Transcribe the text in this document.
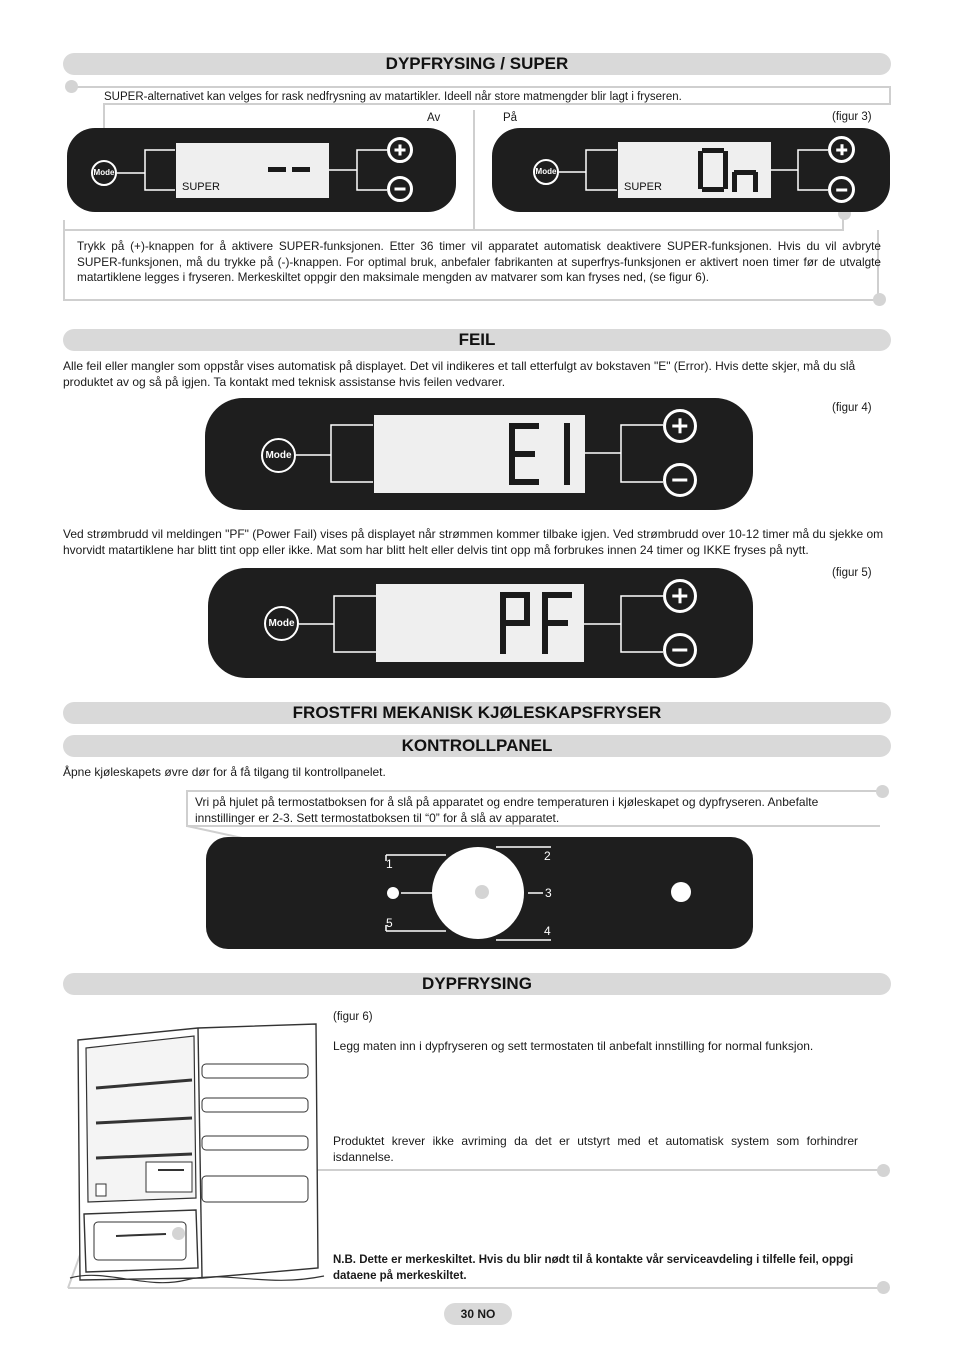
DYPFRYSING / SUPER
SUPER-alternativet kan velges for rask nedfrysning av matartikler. Ideell når store matmengder blir lagt i fryseren.
Av	På	(figur 3)
Mode
SUPER
Mode
SUPER
Trykk på (+)-knappen for å aktivere SUPER-funksjonen. Etter 36 timer vil apparatet automatisk deaktivere SUPER-funksjonen. Hvis du vil avbryte SUPER-funksjonen, må du trykke på (-)-knappen. For optimal bruk, anbefaler fabrikanten at superfrys-funksjonen er aktivert noen timer før de utvalgte matartiklene legges i fryseren. Merkeskiltet oppgir den maksimale mengden av matvarer som kan fryses ned, (se figur 6).
FEIL
Alle feil eller mangler som oppstår vises automatisk på displayet. Det vil indikeres et tall etterfulgt av bokstaven "E" (Error). Hvis dette skjer, må du slå produktet av og så på igjen. Ta kontakt med teknisk assistanse hvis feilen vedvarer.
(figur 4)
Mode
Ved strømbrudd vil meldingen "PF" (Power Fail) vises på displayet når strømmen kommer tilbake igjen. Ved strømbrudd over 10-12 timer må du sjekke om hvorvidt matartiklene har blitt tint opp eller ikke. Mat som har blitt helt eller delvis tint opp må forbrukes innen 24 timer og IKKE fryses på nytt.
(figur 5)
Mode
FROSTFRI MEKANISK KJØLESKAPSFRYSER
KONTROLLPANEL
Åpne kjøleskapets øvre dør for å få tilgang til kontrollpanelet.
Vri på hjulet på termostatboksen for å slå på apparatet og endre temperaturen i kjøleskapet og dypfryseren. Anbefalte innstillinger er 2-3. Sett termostatboksen til “0” for å slå av apparatet.
1
2
3
4
5
DYPFRYSING
(figur 6)
Legg maten inn i dypfryseren og sett termostaten til anbefalt innstilling for normal funksjon.
Produktet krever ikke avriming da det er utstyrt med et automatisk system som forhindrer isdannelse.
N.B. Dette er merkeskiltet. Hvis du blir nødt til å kontakte vår serviceavdeling i tilfelle feil, oppgi dataene på merkeskiltet.
30 NO
